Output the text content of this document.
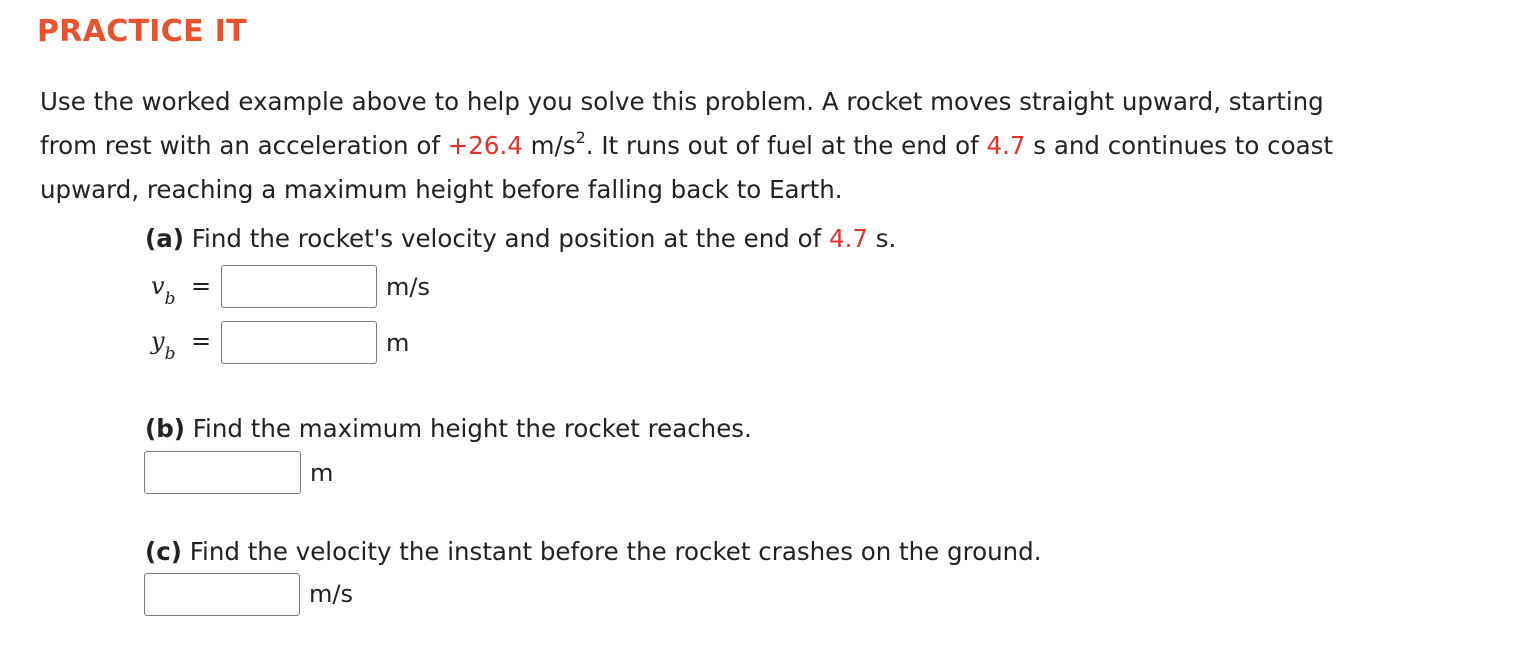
PRACTICE IT
Use the worked example above to help you solve this problem. A rocket moves straight upward, starting
from rest with an acceleration of +26.4 $m/s^2$. It runs out of fuel at the end of 4.7 s and continues to coast
upward, reaching a maximum height before falling back to Earth.
(a) Find the rocket's velocity and position at the end of 4.7 s.
$v_b$ =	m/s
$y_b$ =	m
(b) Find the maximum height the rocket reaches.
m
(c) Find the velocity the instant before the rocket crashes on the ground.
m/s
